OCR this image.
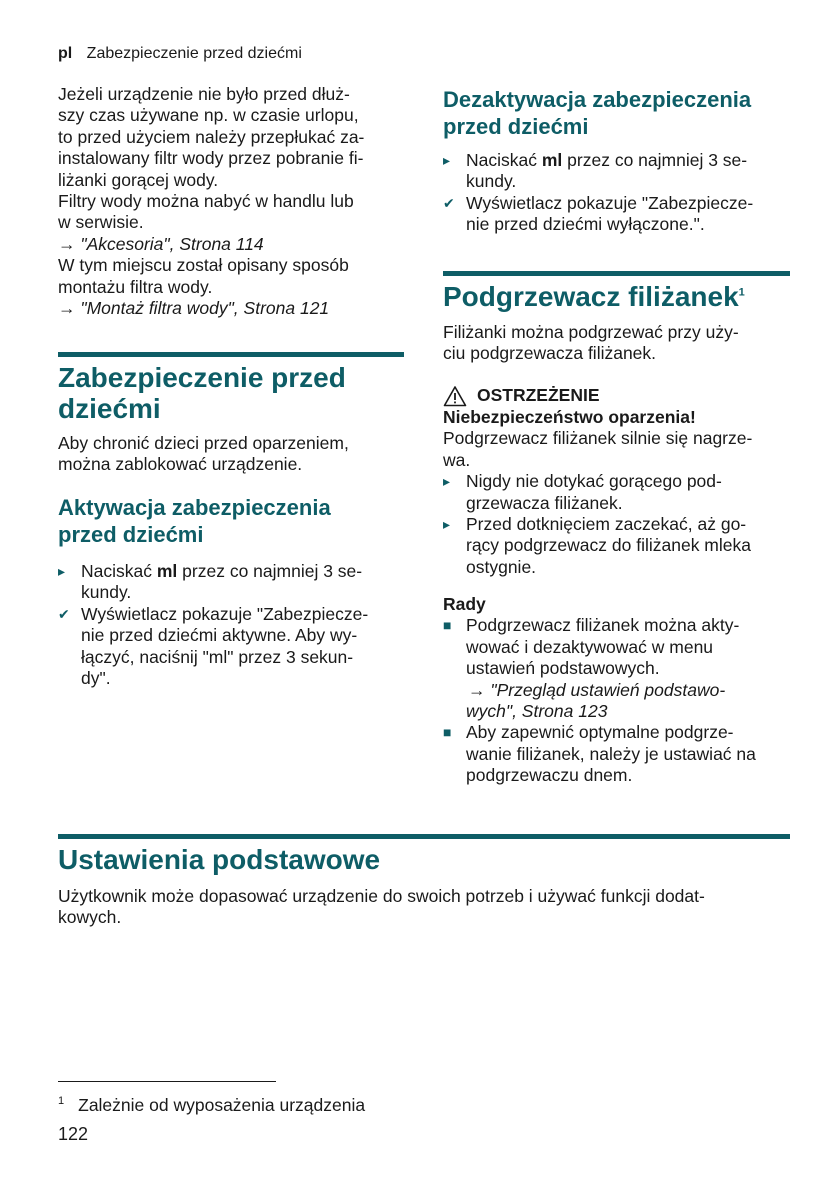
pl Zabezpieczenie przed dziećmi

Jeżeli urządzenie nie było przed dłuż-

szy czas używane np. w czasie urlopu,

to przed użyciem należy przepłukać za-

instalowany filtr wody przez pobranie fi-

liżanki gorącej wody.

Filtry wody można nabyć w handlu lub

w serwisie.

→ "Akcesoria", Strona 114

W tym miejscu został opisany sposób

montażu filtra wody.

→ "Montaż filtra wody", Strona 121

Zabezpieczenie przed
dziećmi

Aby chronić dzieci przed oparzeniem,

można zablokować urządzenie.

Aktywacja zabezpieczenia
przed dziećmi
▸ Naciskać ml przez co najmniej 3 se-
kundy.
✔ Wyświetlacz pokazuje "Zabezpiecze-
nie przed dziećmi aktywne. Aby wy-
łączyć, naciśnij "ml" przez 3 sekun-
dy".
Dezaktywacja zabezpieczenia
przed dziećmi
▸ Naciskać ml przez co najmniej 3 se-
kundy.
✔ Wyświetlacz pokazuje "Zabezpiecze-
nie przed dziećmi wyłączone.".
Podgrzewacz filiżanek$^1$

Filiżanki można podgrzewać przy uży-

ciu podgrzewacza filiżanek.

OSTRZEŻENIE

Niebezpieczeństwo oparzenia!

Podgrzewacz filiżanek silnie się nagrze-

wa.

▸ Nigdy nie dotykać gorącego pod-
grzewacza filiżanek.
▸ Przed dotknięciem zaczekać, aż go-
rący podgrzewacz do filiżanek mleka
ostygnie.

Rady

■ Podgrzewacz filiżanek można akty-
wować i dezaktywować w menu
ustawień podstawowych.
→ "Przegląd ustawień podstawo-
wych", Strona 123
■ Aby zapewnić optymalne podgrze-
wanie filiżanek, należy je ustawiać na
podgrzewaczu dnem.
Ustawienia podstawowe

Użytkownik może dopasować urządzenie do swoich potrzeb i używać funkcji dodat-

kowych.

$^1$ Zależnie od wyposażenia urządzenia
122
